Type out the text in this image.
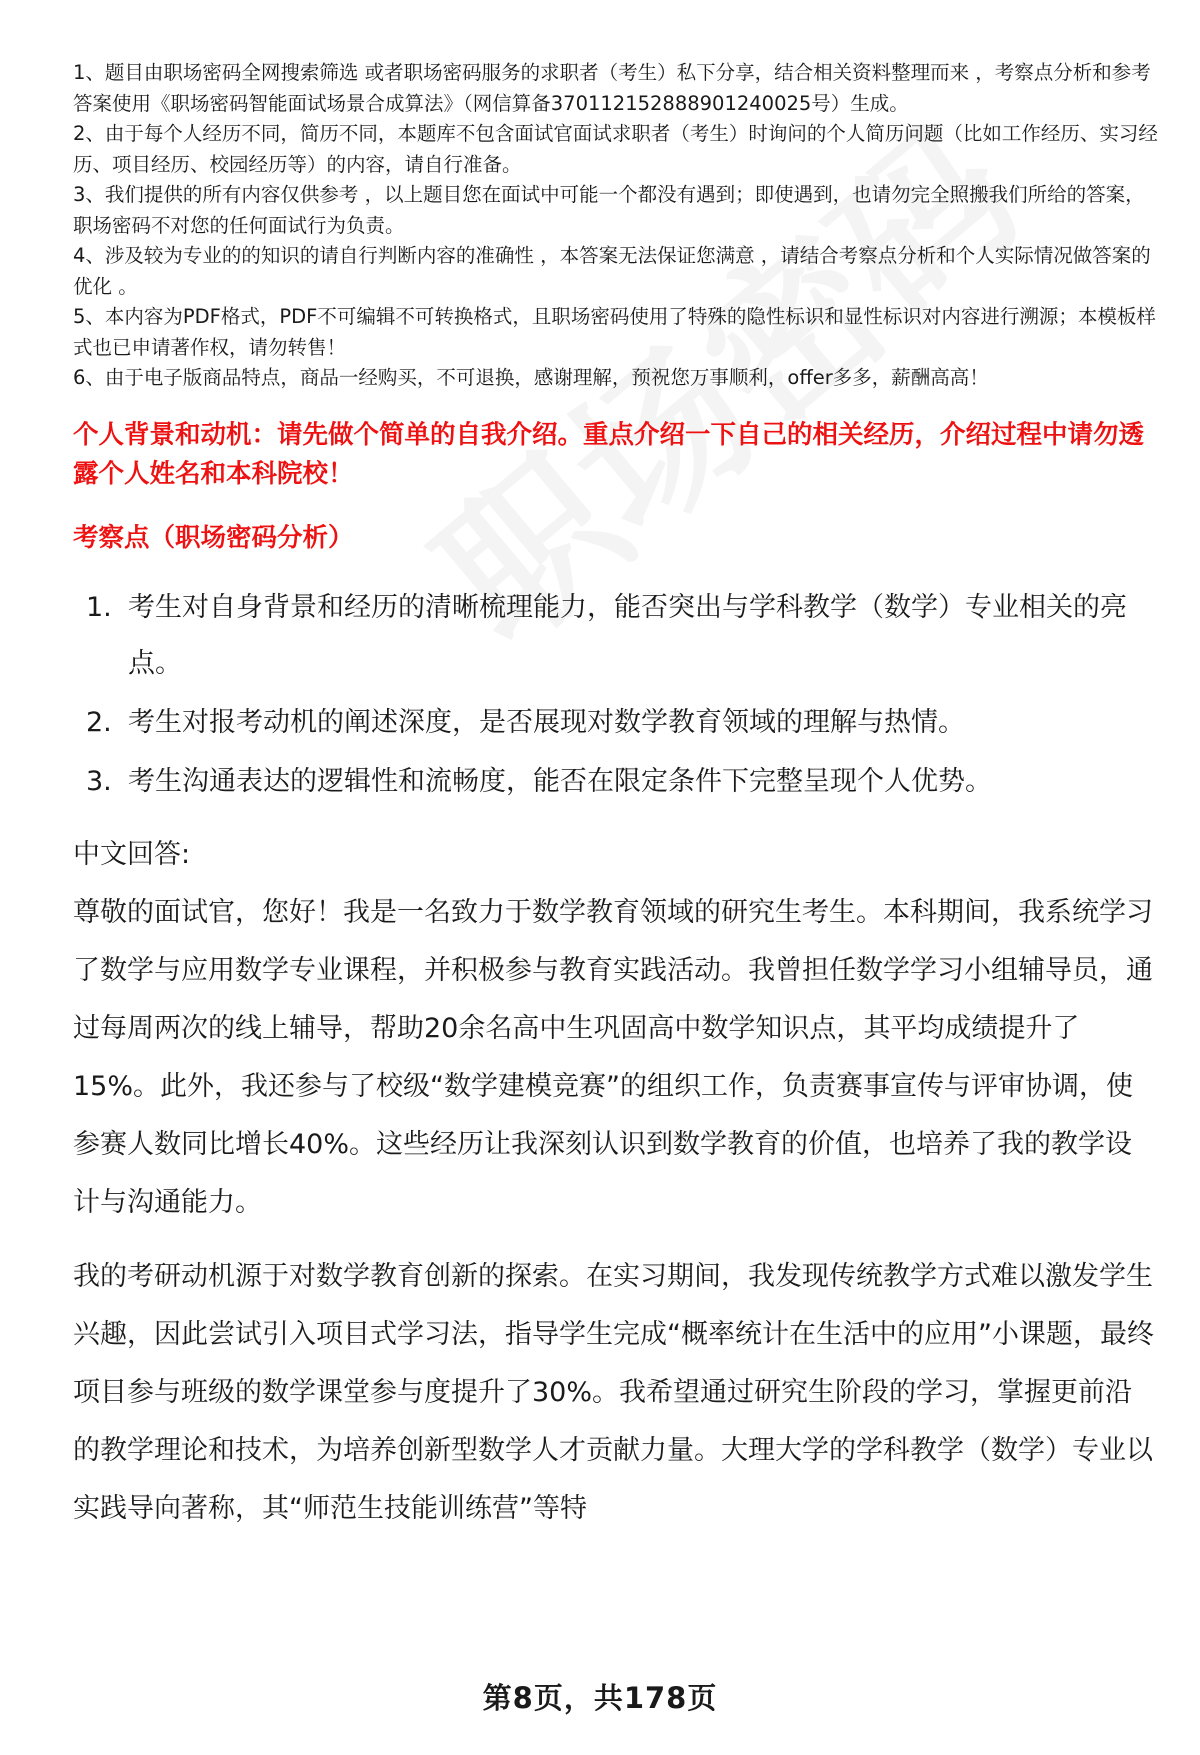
1、题目由职场密码全网搜索筛选 或者职场密码服务的求职者（考生）私下分享，结合相关资料整理而来 ，考察点分析和参考答案使用《职场密码智能面试场景合成算法》（网信算备370112152888901240025号）生成。
2、由于每个人经历不同，简历不同，本题库不包含面试官面试求职者（考生）时询问的个人简历问题（比如工作经历、实习经历、项目经历、校园经历等）的内容，请自行准备。
3、我们提供的所有内容仅供参考 ，以上题目您在面试中可能一个都没有遇到；即使遇到，也请勿完全照搬我们所给的答案，职场密码不对您的任何面试行为负责。
4、涉及较为专业的的知识的请自行判断内容的准确性 ，本答案无法保证您满意 ，请结合考察点分析和个人实际情况做答案的优化 。
5、本内容为PDF格式，PDF不可编辑不可转换格式，且职场密码使用了特殊的隐性标识和显性标识对内容进行溯源；本模板样式也已申请著作权，请勿转售！
6、由于电子版商品特点，商品一经购买，不可退换，感谢理解，预祝您万事顺利，offer多多，薪酬高高！
个人背景和动机：请先做个简单的自我介绍。重点介绍一下自己的相关经历，介绍过程中请勿透露个人姓名和本科院校！
考察点（职场密码分析）
1. 考生对自身背景和经历的清晰梳理能力，能否突出与学科教学（数学）专业相关的亮点。
2. 考生对报考动机的阐述深度，是否展现对数学教育领域的理解与热情。
3. 考生沟通表达的逻辑性和流畅度，能否在限定条件下完整呈现个人优势。
中文回答:

尊敬的面试官，您好！我是一名致力于数学教育领域的研究生考生。本科期间，我系统学习了数学与应用数学专业课程，并积极参与教育实践活动。我曾担任数学学习小组辅导员，通过每周两次的线上辅导，帮助20余名高中生巩固高中数学知识点，其平均成绩提升了15%。此外，我还参与了校级“数学建模竞赛”的组织工作，负责赛事宣传与评审协调，使参赛人数同比增长40%。这些经历让我深刻认识到数学教育的价值，也培养了我的教学设计与沟通能力。

我的考研动机源于对数学教育创新的探索。在实习期间，我发现传统教学方式难以激发学生兴趣，因此尝试引入项目式学习法，指导学生完成“概率统计在生活中的应用”小课题，最终项目参与班级的数学课堂参与度提升了30%。我希望通过研究生阶段的学习，掌握更前沿的教学理论和技术，为培养创新型数学人才贡献力量。大理大学的学科教学（数学）专业以实践导向著称，其“师范生技能训练营”等特

第8页，共178页
